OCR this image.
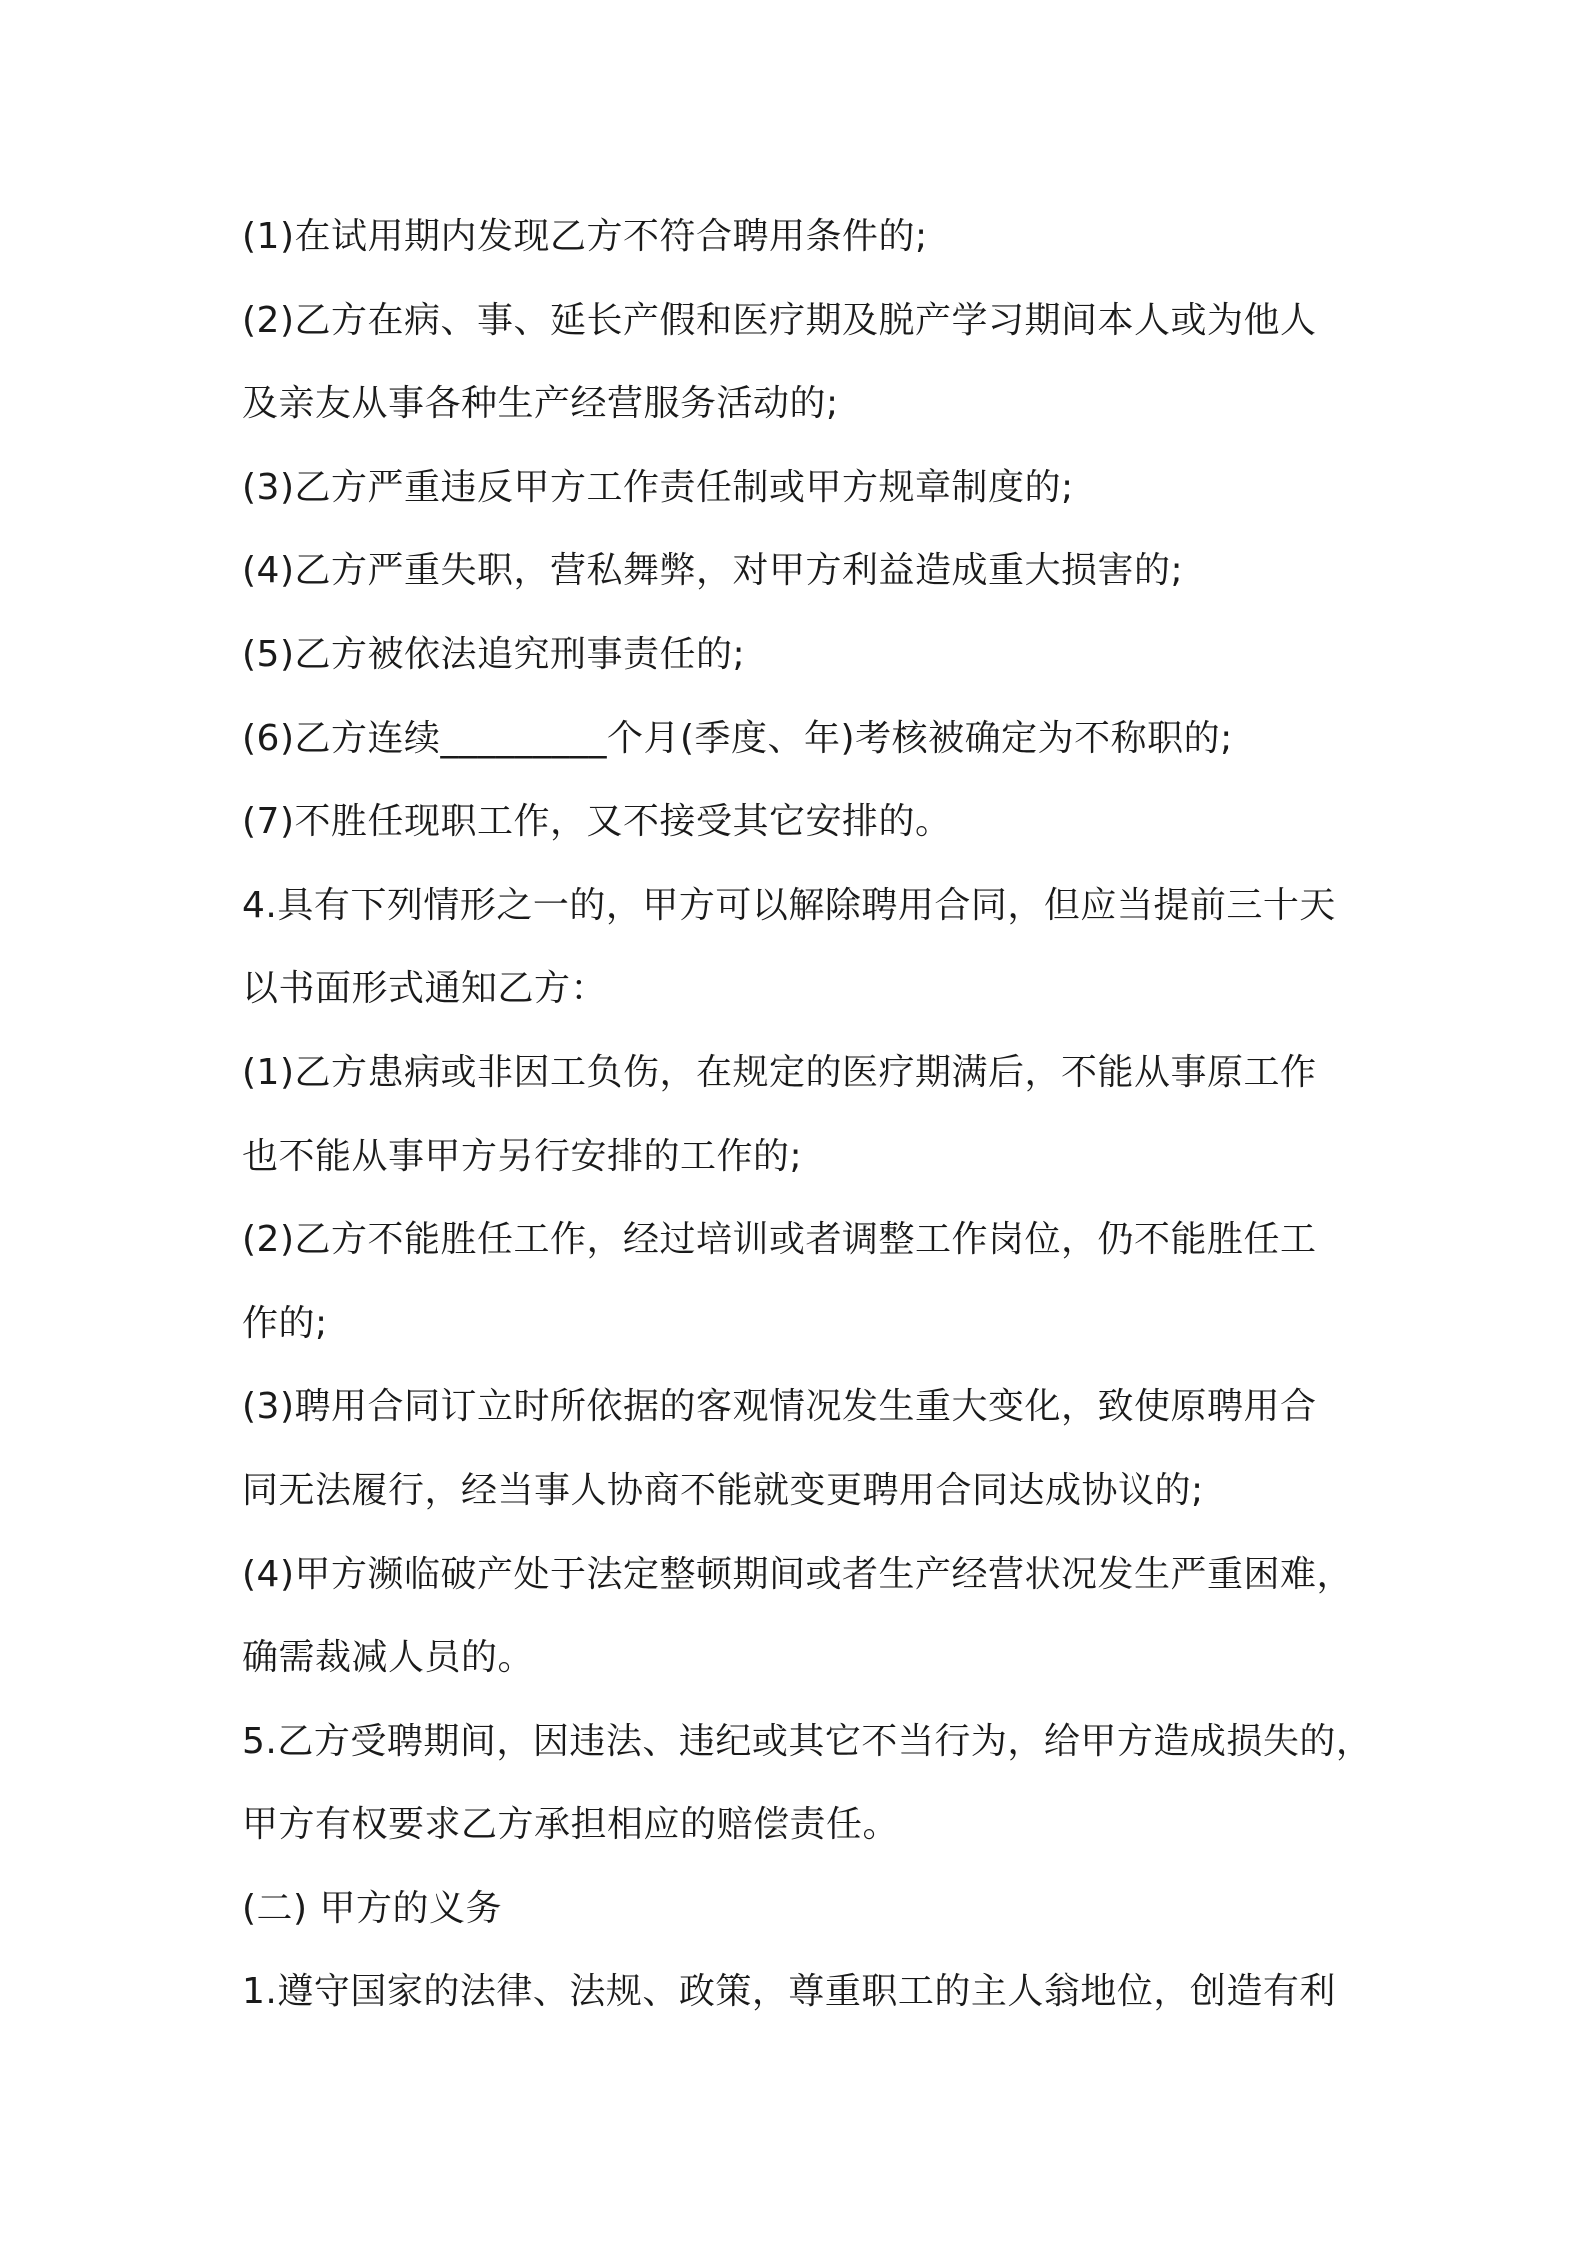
(1)在试用期内发现乙方不符合聘用条件的;
(2)乙方在病、事、延长产假和医疗期及脱产学习期间本人或为他人
及亲友从事各种生产经营服务活动的;
(3)乙方严重违反甲方工作责任制或甲方规章制度的;
(4)乙方严重失职，营私舞弊，对甲方利益造成重大损害的;
(5)乙方被依法追究刑事责任的;
(6)乙方连续_________个月(季度、年)考核被确定为不称职的;
(7)不胜任现职工作，又不接受其它安排的。
4.具有下列情形之一的，甲方可以解除聘用合同，但应当提前三十天
以书面形式通知乙方：
(1)乙方患病或非因工负伤，在规定的医疗期满后，不能从事原工作
也不能从事甲方另行安排的工作的;
(2)乙方不能胜任工作，经过培训或者调整工作岗位，仍不能胜任工
作的;
(3)聘用合同订立时所依据的客观情况发生重大变化，致使原聘用合
同无法履行，经当事人协商不能就变更聘用合同达成协议的;
(4)甲方濒临破产处于法定整顿期间或者生产经营状况发生严重困难，
确需裁减人员的。
5.乙方受聘期间，因违法、违纪或其它不当行为，给甲方造成损失的，
甲方有权要求乙方承担相应的赔偿责任。
(二) 甲方的义务
1.遵守国家的法律、法规、政策，尊重职工的主人翁地位，创造有利
